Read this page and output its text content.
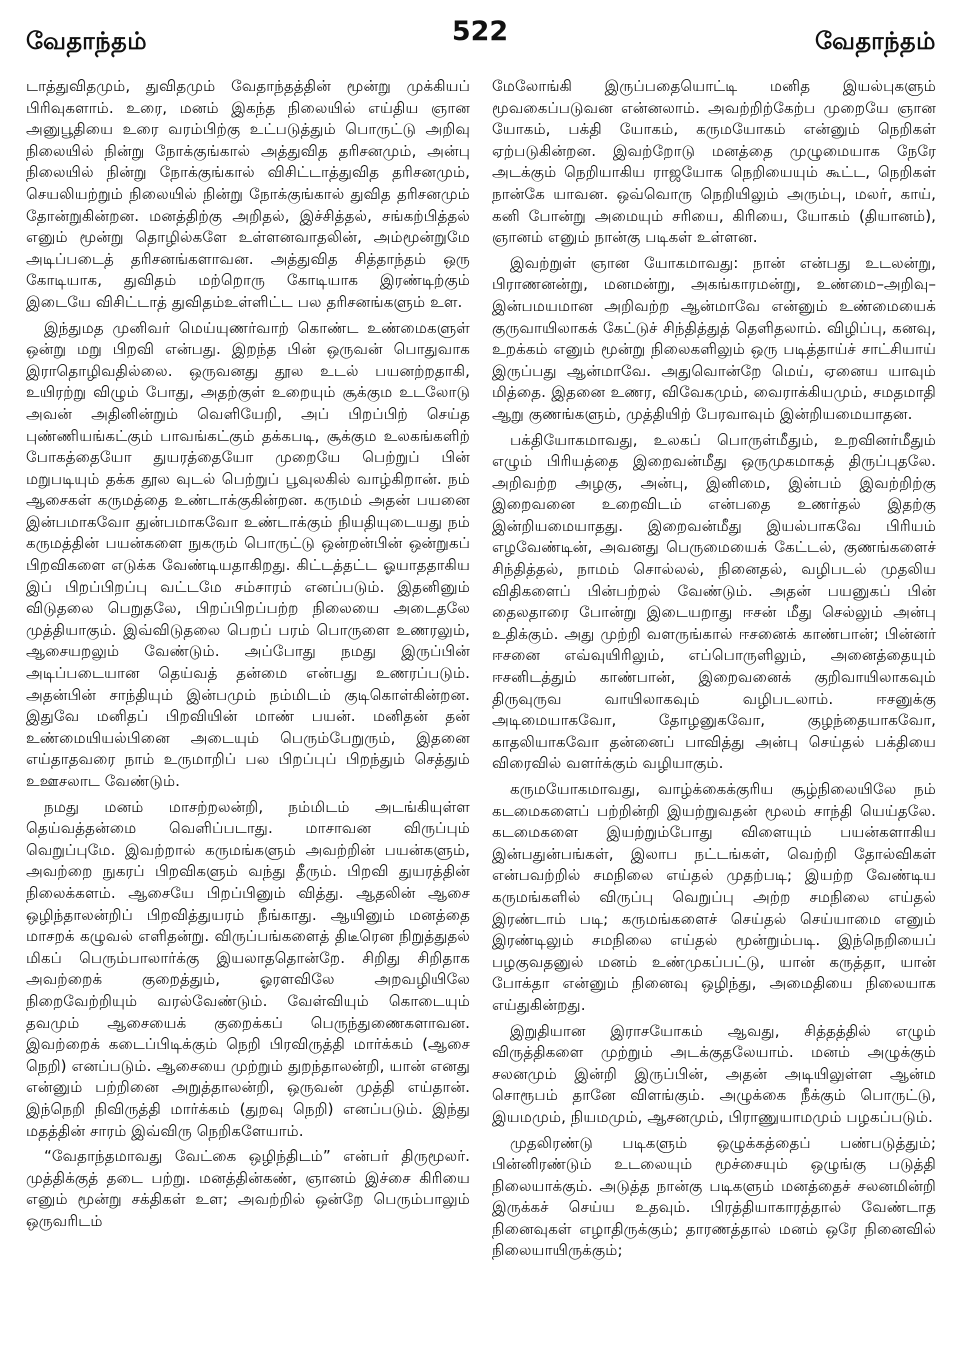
வேதாந்தம்	522	வேதாந்தம்

டாத்துவிதமும், துவிதமும் வேதாந்தத்தின் மூன்று முக்கியப் பிரிவுகளாம். உரை, மனம் இகந்த நிலையில் எய்திய ஞான அனுபூதியை உரை வரம்பிற்கு உட்படுத்தும் பொருட்டு அறிவு நிலையில் நின்று நோக்குங்கால் அத்துவித தரிசனமும், அன்பு நிலையில் நின்று நோக்குங்கால் விசிட்டாத்துவித தரிசனமும், செயலியற்றும் நிலையில் நின்று நோக்குங்கால் துவித தரிசனமும் தோன்றுகின்றன. மனத்திற்கு அறிதல், இச்சித்தல், சங்கற்பித்தல் எனும் மூன்று தொழில்களே உள்ளனவாதலின், அம்மூன்றுமே அடிப்படைத் தரிசனங்களாவன. அத்துவித சித்தாந்தம் ஒரு கோடியாக, துவிதம் மற்றொரு கோடியாக இரண்டிற்கும் இடையே விசிட்டாத் துவிதம்உள்ளிட்ட பல தரிசனங்களும் உள.

இந்துமத முனிவர் மெய்யுணர்வாற் கொண்ட உண்மைகளுள் ஒன்று மறு பிறவி என்பது. இறந்த பின் ஒருவன் பொதுவாக இராதொழிவதில்லை. ஒருவனது தூல உடல் பயனற்றதாகி, உயிரற்று விழும் போது, அதற்குள் உறையும் சூக்கும உடலோடு அவன் அதினின்றும் வெளியேறி, அப் பிறப்பிற் செய்த புண்ணியங்கட்கும் பாவங்கட்கும் தக்கபடி, சூக்கும உலகங்களிற் போகத்தையோ துயரத்தையோ முறையே பெற்றுப் பின் மறுபடியும் தக்க தூல வுடல் பெற்றுப் பூவுலகில் வாழ்கிறான். நம் ஆசைகள் கருமத்தை உண்டாக்குகின்றன. கருமம் அதன் பயனை இன்பமாகவோ துன்பமாகவோ உண்டாக்கும் நியதியுடையது நம் கருமத்தின் பயன்களை நுகரும் பொருட்டு ஒன்றன்பின் ஒன்றுகப் பிறவிகளை எடுக்க வேண்டியதாகிறது. கிட்டத்தட்ட ஓயாததாகிய இப் பிறப்பிறப்பு வட்டமே சம்சாரம் எனப்படும். இதனினும் விடுதலை பெறுதலே, பிறப்பிறப்பற்ற நிலையை அடைதலே முத்தியாகும். இவ்விடுதலை பெறப் பரம் பொருளை உணரலும், ஆசையறலும் வேண்டும். அப்போது நமது இருப்பின் அடிப்படையான தெய்வத் தன்மை என்பது உணரப்படும். அதன்பின் சாந்தியும் இன்பமும் நம்மிடம் குடிகொள்கின்றன. இதுவே மனிதப் பிறவியின் மாண் பயன். மனிதன் தன் உண்மையியல்பினை அடையும் பெரும்பேறுரும், இதனை எய்தாதவரை நாம் உருமாறிப் பல பிறப்புப் பிறந்தும் செத்தும் உஊசலாட வேண்டும்.

நமது மனம் மாசற்றலன்றி, நம்மிடம் அடங்கியுள்ள தெய்வத்தன்மை வெளிப்படாது. மாசாவன விருப்பும் வெறுப்புமே. இவற்றால் கருமங்களும் அவற்றின் பயன்களும், அவற்றை நுகரப் பிறவிகளும் வந்து தீரும். பிறவி துயரத்தின் நிலைக்களம். ஆசையே பிறப்பினும் வித்து. ஆதலின் ஆசை ஒழிந்தாலன்றிப் பிறவித்துயரம் நீங்காது. ஆயினும் மனத்தை மாசறக் கழுவல் எளிதன்று. விருப்பங்களைத் திடீரென நிறுத்துதல் மிகப் பெரும்பாலார்க்கு இயலாததொன்றே. சிறிது சிறிதாக அவற்றைக் குறைத்தும், ஓரளவிலே அறவழியிலே நிறைவேற்றியும் வரல்வேண்டும். வேள்வியும் கொடையும் தவமும் ஆசையைக் குறைக்கப் பெருந்துணைகளாவன. இவற்றைக் கடைப்பிடிக்கும் நெறி பிரவிருத்தி மார்க்கம் (ஆசை நெறி) எனப்படும். ஆசையை முற்றும் துறந்தாலன்றி, யான் எனது என்னும் பற்றினை அறுத்தாலன்றி, ஒருவன் முத்தி எய்தான். இந்நெறி நிவிருத்தி மார்க்கம் (துறவு நெறி) எனப்படும். இந்து மதத்தின் சாரம் இவ்விரு நெறிகளேயாம்.

“வேதாந்தமாவது வேட்கை ஒழிந்திடம்” என்பர் திருமூலர். முத்திக்குத் தடை பற்று. மனத்தின்கண், ஞானம் இச்சை கிரியை எனும் மூன்று சக்திகள் உள; அவற்றில் ஒன்றே பெரும்பாலும் ஒருவரிடம்

மேலோங்கி இருப்பதையொட்டி மனித இயல்புகளும் மூவகைப்படுவன என்னலாம். அவற்றிற்கேற்ப முறையே ஞான யோகம், பக்தி யோகம், கருமயோகம் என்னும் நெறிகள் ஏற்படுகின்றன. இவற்றோடு மனத்தை முழுமையாக நேரே அடக்கும் நெறியாகிய ராஜயோக நெறியையும் கூட்ட, நெறிகள் நான்கே யாவன. ஒவ்வொரு நெறியிலும் அரும்பு, மலர், காய், கனி போன்று அமையும் சரியை, கிரியை, யோகம் (தியானம்), ஞானம் எனும் நான்கு படிகள் உள்ளன.

இவற்றுள் ஞான யோகமாவது: நான் என்பது உடலன்று, பிராணனன்று, மனமன்று, அகங்காரமன்று, உண்மை–அறிவு–இன்பமயமான அறிவற்ற ஆன்மாவே என்னும் உண்மையைக் குருவாயிலாகக் கேட்டுச் சிந்தித்துத் தெளிதலாம். விழிப்பு, கனவு, உறக்கம் எனும் மூன்று நிலைகளிலும் ஒரு படித்தாய்ச் சாட்சியாய் இருப்பது ஆன்மாவே. அதுவொன்றே மெய், ஏனைய யாவும் மித்தை. இதனை உணர, விவேகமும், வைராக்கியமும், சமதமாதி ஆறு குணங்களும், முத்தியிற் பேரவாவும் இன்றியமையாதன.

பக்தியோகமாவது, உலகப் பொருள்மீதும், உறவினர்மீதும் எழும் பிரியத்தை இறைவன்மீது ஒருமுகமாகத் திருப்புதலே. அறிவற்ற அழகு, அன்பு, இனிமை, இன்பம் இவற்றிற்கு இறைவனை உறைவிடம் என்பதை உணர்தல் இதற்கு இன்றியமையாதது. இறைவன்மீது இயல்பாகவே பிரியம் எழவேண்டின், அவனது பெருமையைக் கேட்டல், குணங்களைச் சிந்தித்தல், நாமம் சொல்லல், நினைதல், வழிபடல் முதலிய விதிகளைப் பின்பற்றல் வேண்டும். அதன் பயனுகப் பின் தைலதாரை போன்று இடையறாது ஈசன் மீது செல்லும் அன்பு உதிக்கும். அது முற்றி வளருங்கால் ஈசனைக் காண்பான்; பின்னர் ஈசனை எவ்வுயிரிலும், எப்பொருளிலும், அனைத்தையும் ஈசனிடத்தும் காண்பான், இறைவனைக் குறிவாயிலாகவும் திருவுருவ வாயிலாகவும் வழிபடலாம். ஈசனுக்கு அடிமையாகவோ, தோழனுகவோ, குழந்தையாகவோ, காதலியாகவோ தன்னைப் பாவித்து அன்பு செய்தல் பக்தியை விரைவில் வளர்க்கும் வழியாகும்.

கருமயோகமாவது, வாழ்க்கைக்குரிய சூழ்நிலையிலே நம் கடமைகளைப் பற்றின்றி இயற்றுவதன் மூலம் சாந்தி யெய்தலே. கடமைகளை இயற்றும்போது விளையும் பயன்களாகிய இன்பதுன்பங்கள், இலாப நட்டங்கள், வெற்றி தோல்விகள் என்பவற்றில் சமநிலை எய்தல் முதற்படி; இயற்ற வேண்டிய கருமங்களில் விருப்பு வெறுப்பு அற்ற சமநிலை எய்தல் இரண்டாம் படி; கருமங்களைச் செய்தல் செய்யாமை எனும் இரண்டிலும் சமநிலை எய்தல் மூன்றும்படி. இந்நெறியைப் பழகுவதனுல் மனம் உண்முகப்பட்டு, யான் கருத்தா, யான் போக்தா என்னும் நினைவு ஒழிந்து, அமைதியை நிலையாக எய்துகின்றது.

இறுதியான இராசயோகம் ஆவது, சித்தத்தில் எழும் விருத்திகளை முற்றும் அடக்குதலேயாம். மனம் அழுக்கும் சலனமும் இன்றி இருப்பின், அதன் அடியிலுள்ள ஆன்ம சொரூபம் தானே விளங்கும். அழுக்கை நீக்கும் பொருட்டு, இயமமும், நியமமும், ஆசனமும், பிராணுயாமமும் பழகப்படும்.

முதலிரண்டு படிகளும் ஒழுக்கத்தைப் பண்படுத்தும்; பின்னிரண்டும் உடலையும் மூச்சையும் ஒழுங்கு படுத்தி நிலையாக்கும். அடுத்த நான்கு படிகளும் மனத்தைச் சலனமின்றி இருக்கச் செய்ய உதவும். பிரத்தியாகாரத்தால் வேண்டாத நினைவுகள் எழாதிருக்கும்; தாரணத்தால் மனம் ஒரே நினைவில் நிலையாயிருக்கும்;
